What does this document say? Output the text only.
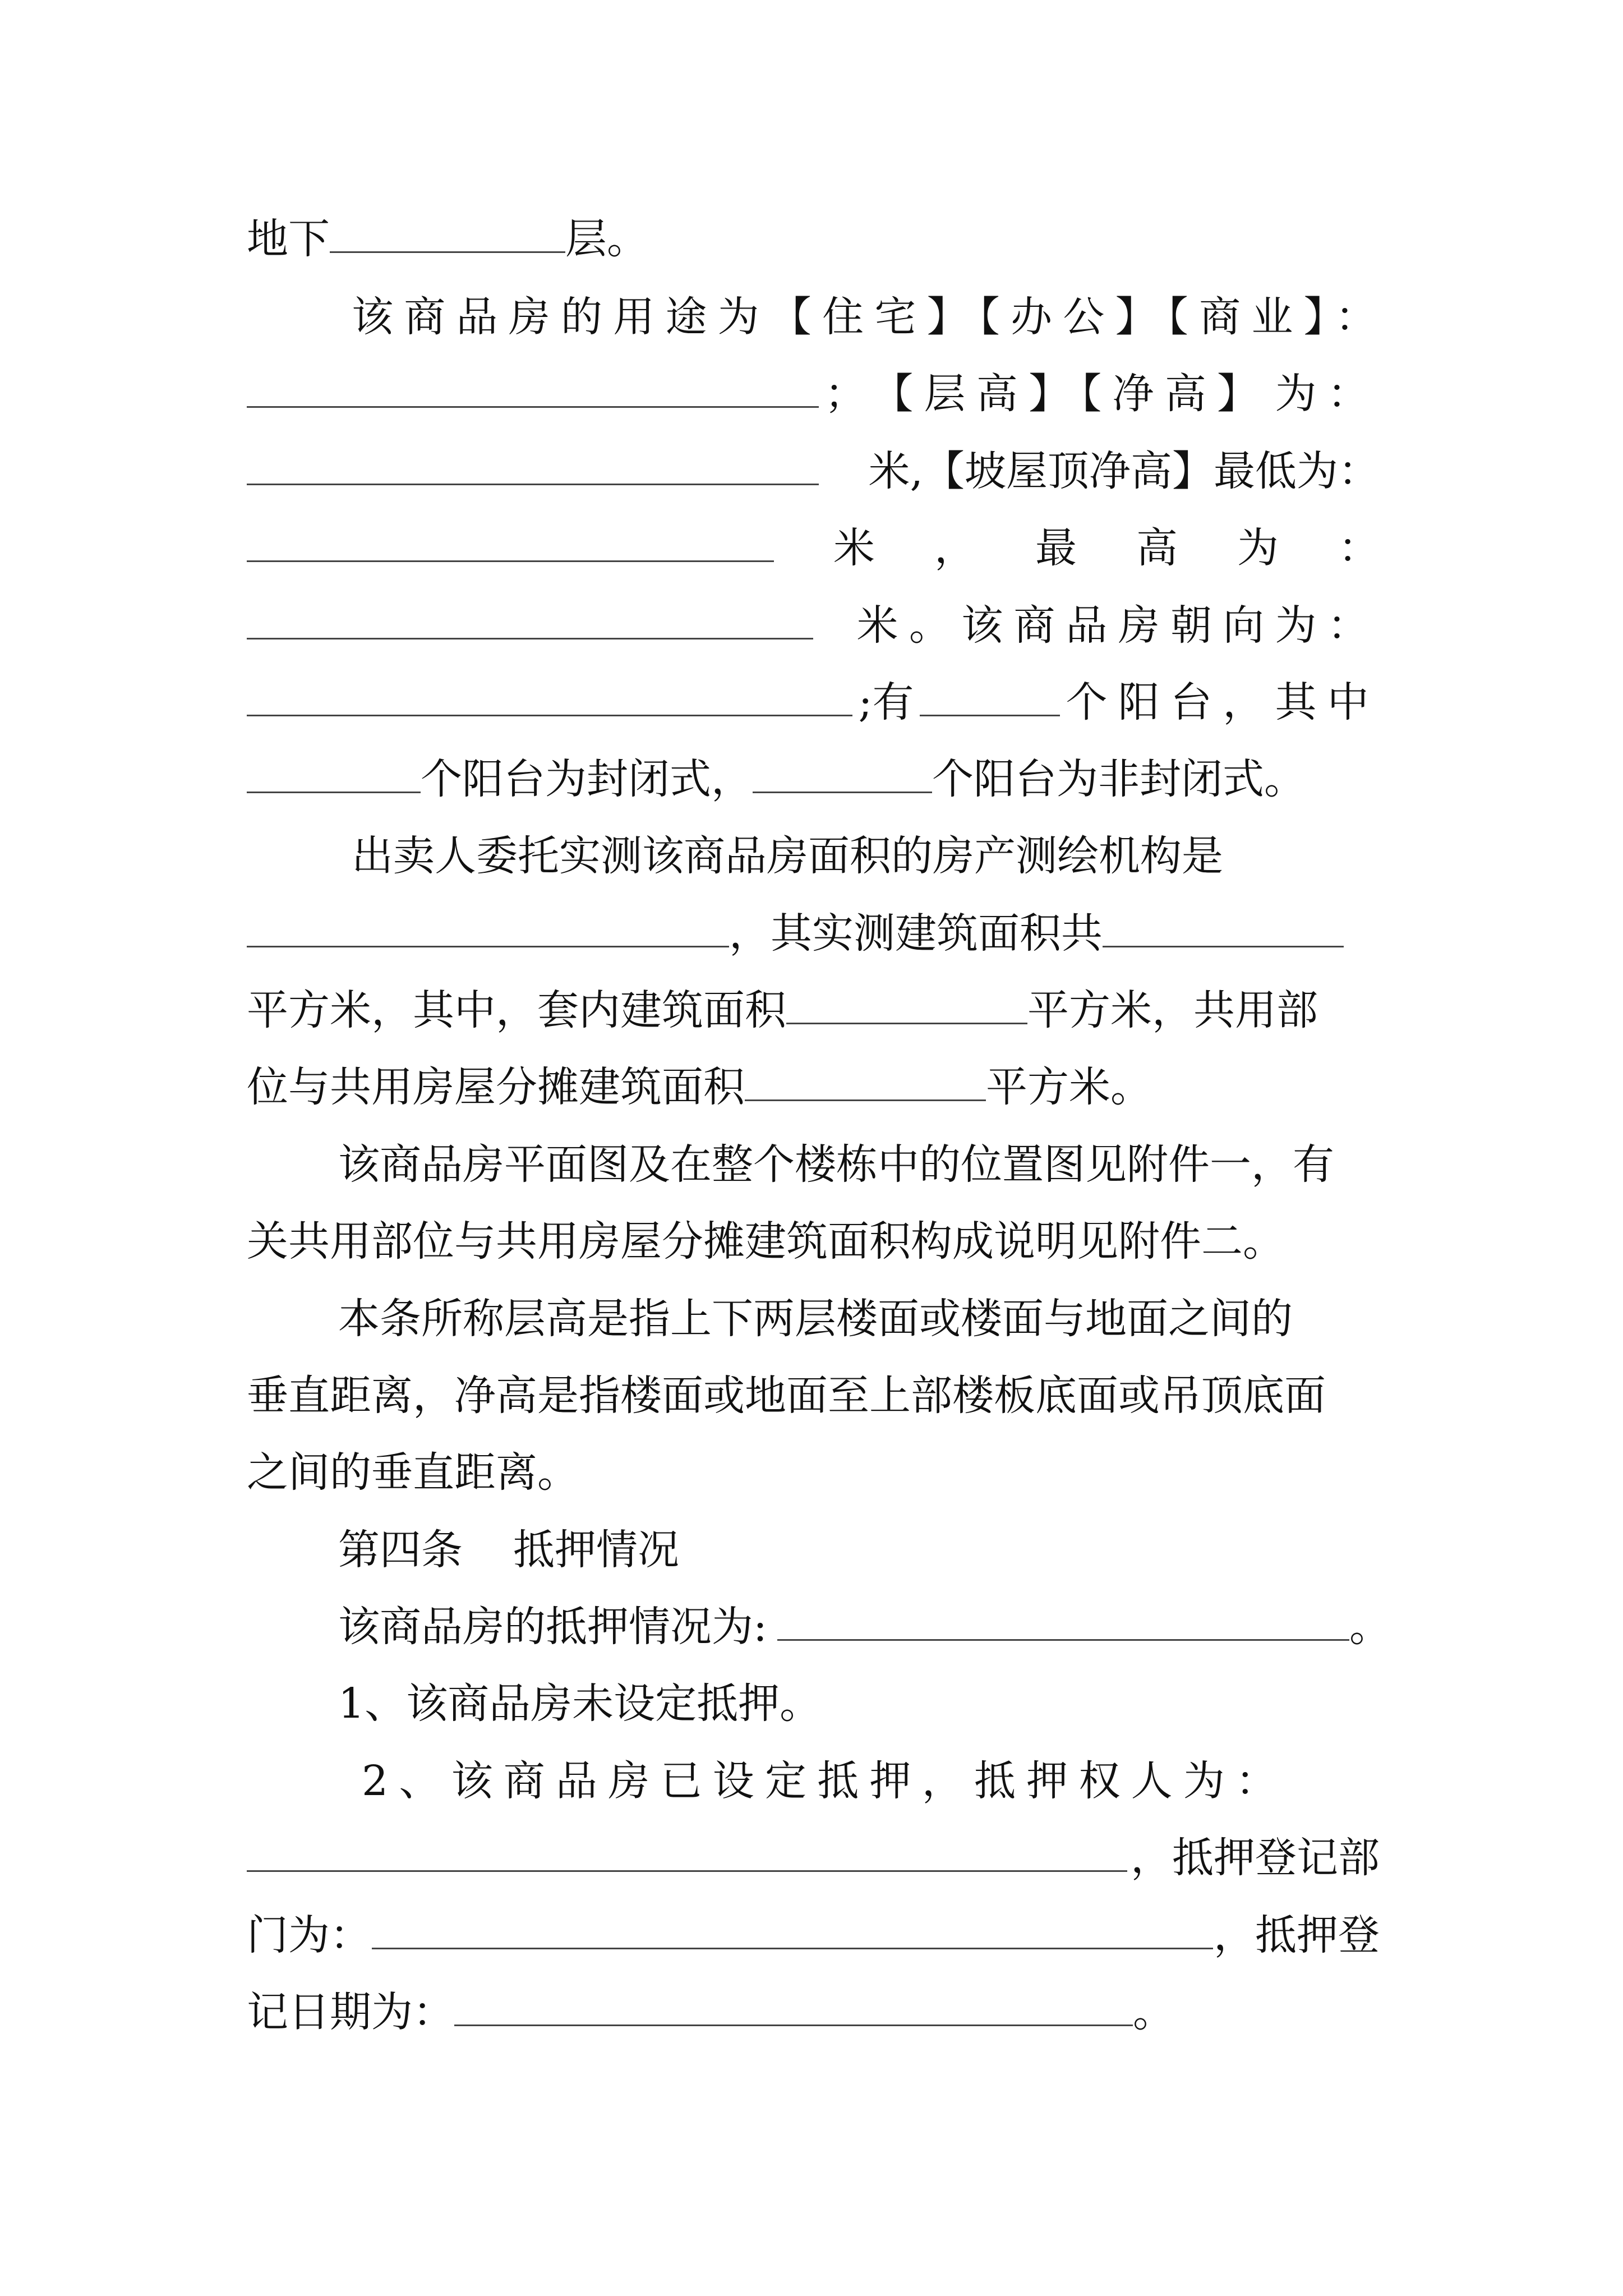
地下	层。
该商品房的用途为【住宅】【办公】【商业】：
； 【层高】【净高】 为：
米,【坡屋顶净高】最低为：
米 ， 最 高 为 ：
米。该商品房朝向为：
;有	个阳台，其中
个阳台为封闭式，	个阳台为非封闭式。
出卖人委托实测该商品房面积的房产测绘机构是
，其实测建筑面积共
平方米，其中，套内建筑面积	平方米，共用部
位与共用房屋分摊建筑面积	平方米。
该商品房平面图及在整个楼栋中的位置图见附件一，有
关共用部位与共用房屋分摊建筑面积构成说明见附件二。
本条所称层高是指上下两层楼面或楼面与地面之间的
垂直距离，净高是指楼面或地面至上部楼板底面或吊顶底面
之间的垂直距离。
第四条 抵押情况
该商品房的抵押情况为:	。
1、该商品房未设定抵押。
2、该商品房已设定抵押，抵押权人为：
，抵押登记部
门为：	，抵押登
记日期为：	。
